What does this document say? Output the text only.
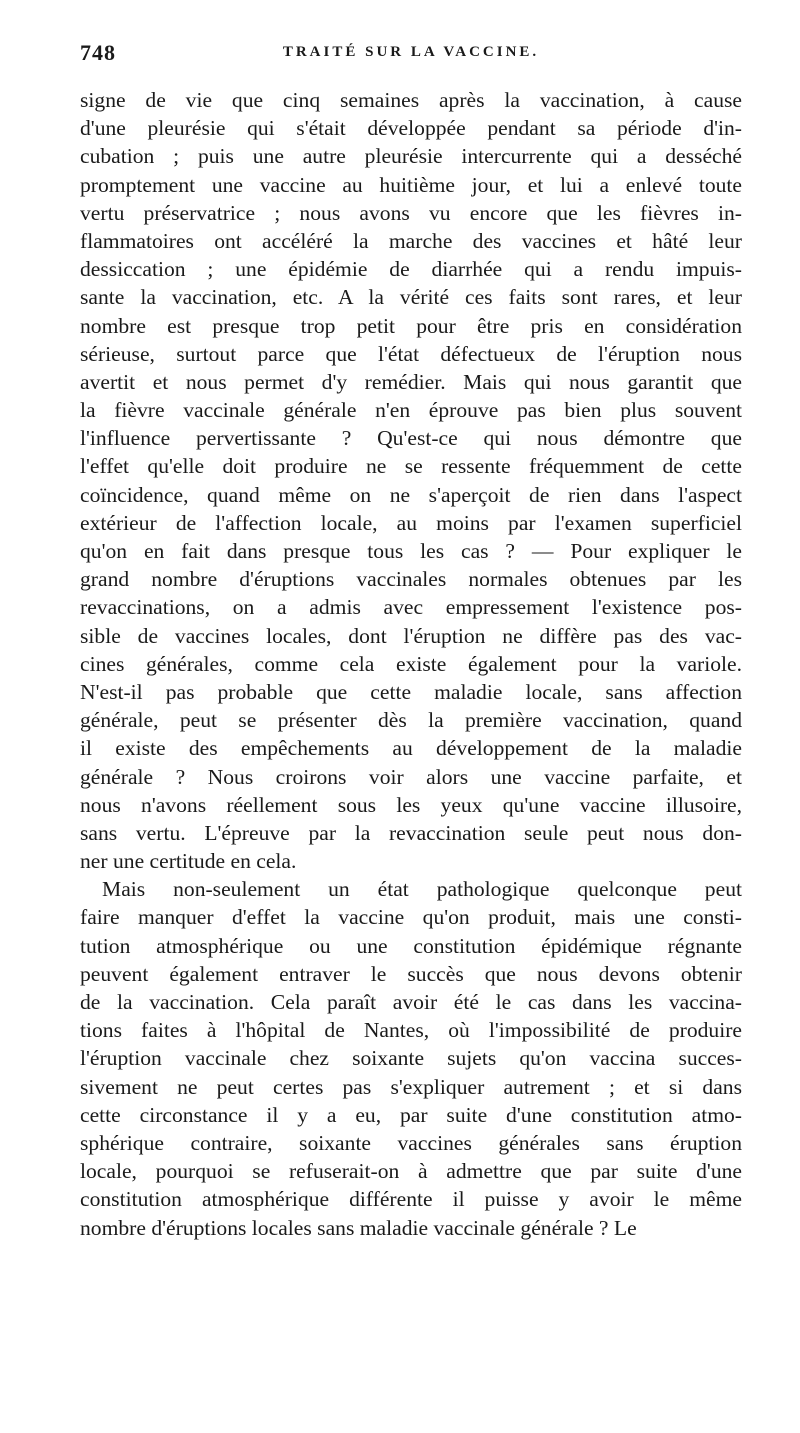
748	TRAITÉ SUR LA VACCINE.
signe de vie que cinq semaines après la vaccination, à cause
d'une pleurésie qui s'était développée pendant sa période d'in-
cubation ; puis une autre pleurésie intercurrente qui a desséché
promptement une vaccine au huitième jour, et lui a enlevé toute
vertu préservatrice ; nous avons vu encore que les fièvres in-
flammatoires ont accéléré la marche des vaccines et hâté leur
dessiccation ; une épidémie de diarrhée qui a rendu impuis-
sante la vaccination, etc. A la vérité ces faits sont rares, et leur
nombre est presque trop petit pour être pris en considération
sérieuse, surtout parce que l'état défectueux de l'éruption nous
avertit et nous permet d'y remédier. Mais qui nous garantit que
la fièvre vaccinale générale n'en éprouve pas bien plus souvent
l'influence pervertissante ? Qu'est-ce qui nous démontre que
l'effet qu'elle doit produire ne se ressente fréquemment de cette
coïncidence, quand même on ne s'aperçoit de rien dans l'aspect
extérieur de l'affection locale, au moins par l'examen superficiel
qu'on en fait dans presque tous les cas ? — Pour expliquer le
grand nombre d'éruptions vaccinales normales obtenues par les
revaccinations, on a admis avec empressement l'existence pos-
sible de vaccines locales, dont l'éruption ne diffère pas des vac-
cines générales, comme cela existe également pour la variole.
N'est-il pas probable que cette maladie locale, sans affection
générale, peut se présenter dès la première vaccination, quand
il existe des empêchements au développement de la maladie
générale ? Nous croirons voir alors une vaccine parfaite, et
nous n'avons réellement sous les yeux qu'une vaccine illusoire,
sans vertu. L'épreuve par la revaccination seule peut nous don-
ner une certitude en cela.
Mais non-seulement un état pathologique quelconque peut
faire manquer d'effet la vaccine qu'on produit, mais une consti-
tution atmosphérique ou une constitution épidémique régnante
peuvent également entraver le succès que nous devons obtenir
de la vaccination. Cela paraît avoir été le cas dans les vaccina-
tions faites à l'hôpital de Nantes, où l'impossibilité de produire
l'éruption vaccinale chez soixante sujets qu'on vaccina succes-
sivement ne peut certes pas s'expliquer autrement ; et si dans
cette circonstance il y a eu, par suite d'une constitution atmo-
sphérique contraire, soixante vaccines générales sans éruption
locale, pourquoi se refuserait-on à admettre que par suite d'une
constitution atmosphérique différente il puisse y avoir le même
nombre d'éruptions locales sans maladie vaccinale générale ? Le
